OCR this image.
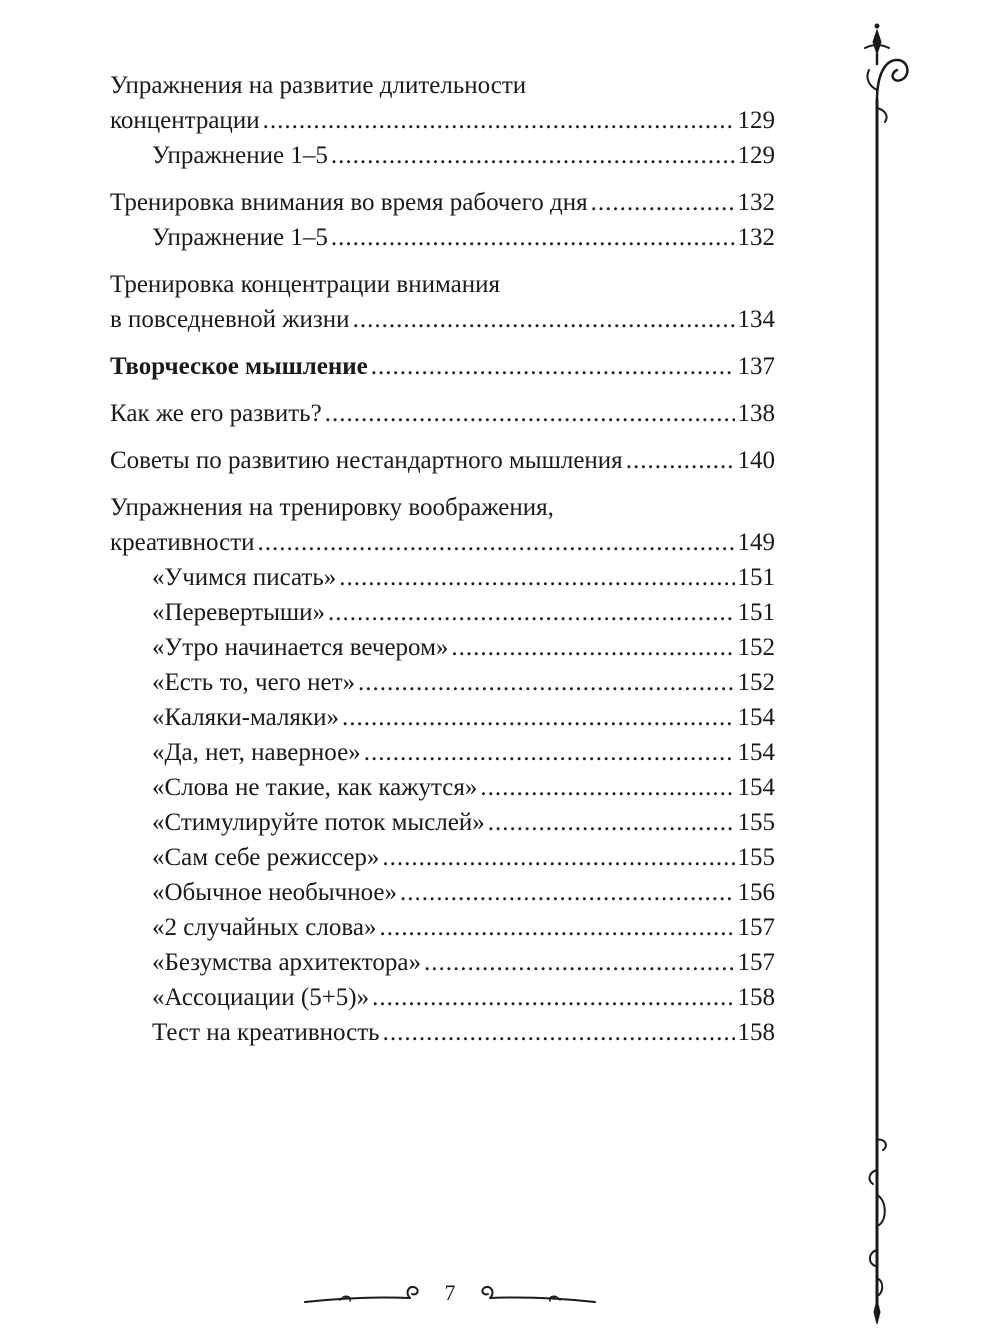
Упражнения на развитие длительности
концентрации .....	129
Упражнение 1–5 .....	129
Тренировка внимания во время рабочего дня .....	132
Упражнение 1–5 .....	132
Тренировка концентрации внимания
в повседневной жизни .....	134
Творческое мышление .....	137
Как же его развить? .....	138
Советы по развитию нестандартного мышления .....	140
Упражнения на тренировку воображения,
креативности .....	149
«Учимся писать» .....	151
«Перевертыши» .....	151
«Утро начинается вечером» .....	152
«Есть то, чего нет» .....	152
«Каляки-маляки» .....	154
«Да, нет, наверное» .....	154
«Слова не такие, как кажутся» .....	154
«Стимулируйте поток мыслей» .....	155
«Сам себе режиссер» .....	155
«Обычное необычное» .....	156
«2 случайных слова» .....	157
«Безумства архитектора» .....	157
«Ассоциации (5+5)» .....	158
Тест на креативность .....	158
7
